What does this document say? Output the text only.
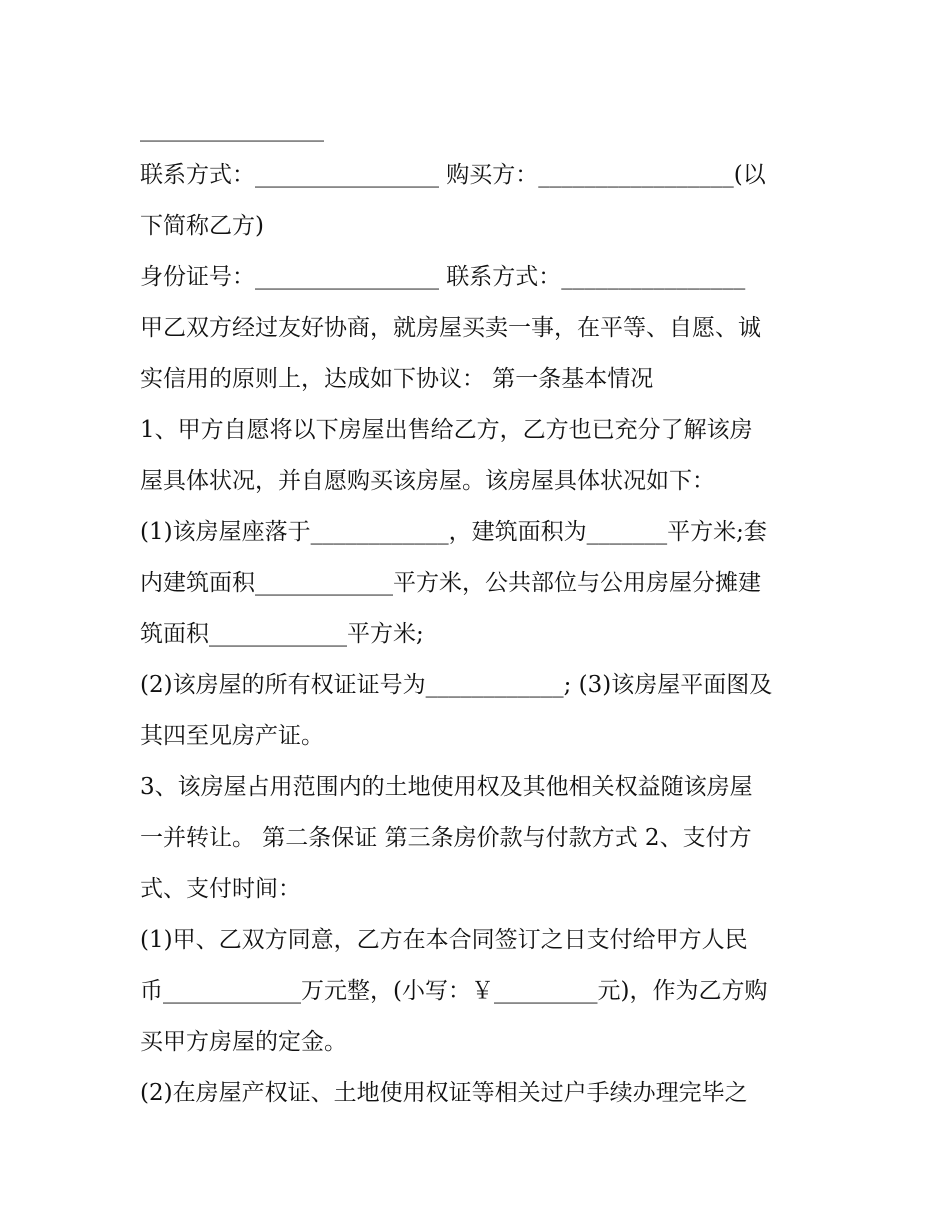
________________
联系方式：________________ 购买方：_________________(以
下简称乙方)
身份证号：________________ 联系方式：________________
甲乙双方经过友好协商，就房屋买卖一事，在平等、自愿、诚
实信用的原则上，达成如下协议： 第一条基本情况
1、甲方自愿将以下房屋出售给乙方，乙方也已充分了解该房
屋具体状况，并自愿购买该房屋。该房屋具体状况如下：
(1)该房屋座落于____________，建筑面积为_______平方米;套
内建筑面积____________平方米，公共部位与公用房屋分摊建
筑面积____________平方米;
(2)该房屋的所有权证证号为____________; (3)该房屋平面图及
其四至见房产证。
3、该房屋占用范围内的土地使用权及其他相关权益随该房屋
一并转让。 第二条保证 第三条房价款与付款方式 2、支付方
式、支付时间：
(1)甲、乙双方同意，乙方在本合同签订之日支付给甲方人民
币____________万元整，(小写：￥_________元)，作为乙方购
买甲方房屋的定金。
(2)在房屋产权证、土地使用权证等相关过户手续办理完毕之
